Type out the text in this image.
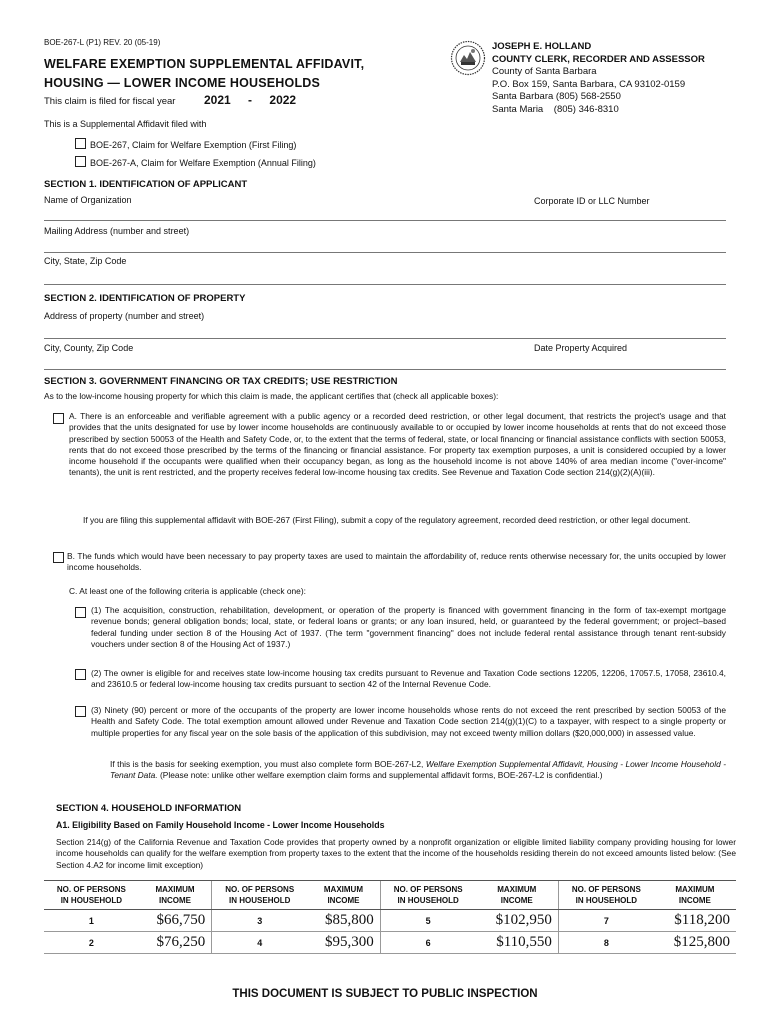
BOE-267-L (P1) REV. 20 (05-19)
WELFARE EXEMPTION SUPPLEMENTAL AFFIDAVIT,
HOUSING — LOWER INCOME HOUSEHOLDS
This claim is filed for fiscal year 2021 - 2022
JOSEPH E. HOLLAND
COUNTY CLERK, RECORDER AND ASSESSOR
County of Santa Barbara
P.O. Box 159, Santa Barbara, CA 93102-0159
Santa Barbara (805) 568-2550
Santa Maria    (805) 346-8310
This is a Supplemental Affidavit filed with
BOE-267, Claim for Welfare Exemption (First Filing)
BOE-267-A, Claim for Welfare Exemption (Annual Filing)
SECTION 1. IDENTIFICATION OF APPLICANT
Name of Organization	Corporate ID or LLC Number
Mailing Address (number and street)
City, State, Zip Code
SECTION 2. IDENTIFICATION OF PROPERTY
Address of property (number and street)
City, County, Zip Code	Date Property Acquired
SECTION 3. GOVERNMENT FINANCING OR TAX CREDITS; USE RESTRICTION
As to the low-income housing property for which this claim is made, the applicant certifies that (check all applicable boxes):
A. There is an enforceable and verifiable agreement with a public agency or a recorded deed restriction, or other legal document, that restricts the project's usage and that provides that the units designated for use by lower income households are continuously available to or occupied by lower income households at rents that do not exceed those prescribed by section 50053 of the Health and Safety Code, or, to the extent that the terms of federal, state, or local financing or financial assistance conflicts with section 50053, rents that do not exceed those prescribed by the terms of the financing or financial assistance. For property tax exemption purposes, a unit is considered occupied by a lower income household if the occupants were qualified when their occupancy began, as long as the household income is not above 140% of area median income ("over-income" tenants), the unit is rent restricted, and the property receives federal low-income housing tax credits. See Revenue and Taxation Code section 214(g)(2)(A)(iii).
If you are filing this supplemental affidavit with BOE-267 (First Filing), submit a copy of the regulatory agreement, recorded deed restriction, or other legal document.
B. The funds which would have been necessary to pay property taxes are used to maintain the affordability of, reduce rents otherwise necessary for, the units occupied by lower income households.
C. At least one of the following criteria is applicable (check one):
(1) The acquisition, construction, rehabilitation, development, or operation of the property is financed with government financing in the form of tax-exempt mortgage revenue bonds; general obligation bonds; local, state, or federal loans or grants; or any loan insured, held, or guaranteed by the federal government; or project–based federal funding under section 8 of the Housing Act of 1937. (The term "government financing" does not include federal rental assistance through tenant rent-subsidy vouchers under section 8 of the Housing Act of 1937.)
(2) The owner is eligible for and receives state low-income housing tax credits pursuant to Revenue and Taxation Code sections 12205, 12206, 17057.5, 17058, 23610.4, and 23610.5 or federal low-income housing tax credits pursuant to section 42 of the Internal Revenue Code.
(3) Ninety (90) percent or more of the occupants of the property are lower income households whose rents do not exceed the rent prescribed by section 50053 of the Health and Safety Code. The total exemption amount allowed under Revenue and Taxation Code section 214(g)(1)(C) to a taxpayer, with respect to a single property or multiple properties for any fiscal year on the sole basis of the application of this subdivision, may not exceed twenty million dollars ($20,000,000) in assessed value.
If this is the basis for seeking exemption, you must also complete form BOE-267-L2, Welfare Exemption Supplemental Affidavit, Housing - Lower Income Household - Tenant Data. (Please note: unlike other welfare exemption claim forms and supplemental affidavit forms, BOE-267-L2 is confidential.)
SECTION 4. HOUSEHOLD INFORMATION
A1. Eligibility Based on Family Household Income - Lower Income Households
Section 214(g) of the California Revenue and Taxation Code provides that property owned by a nonprofit organization or eligible limited liability company providing housing for lower income households can qualify for the welfare exemption from property taxes to the extent that the income of the households residing therein do not exceed amounts listed below: (See Section 4.A2 for income limit exception)
NO. OF PERSONS
IN HOUSEHOLD	MAXIMUM
INCOME	NO. OF PERSONS
IN HOUSEHOLD	MAXIMUM
INCOME	NO. OF PERSONS
IN HOUSEHOLD	MAXIMUM
INCOME	NO. OF PERSONS
IN HOUSEHOLD	MAXIMUM
INCOME
1	$66,750	3	$85,800	5	$102,950	7	$118,200
2	$76,250	4	$95,300	6	$110,550	8	$125,800
THIS DOCUMENT IS SUBJECT TO PUBLIC INSPECTION
